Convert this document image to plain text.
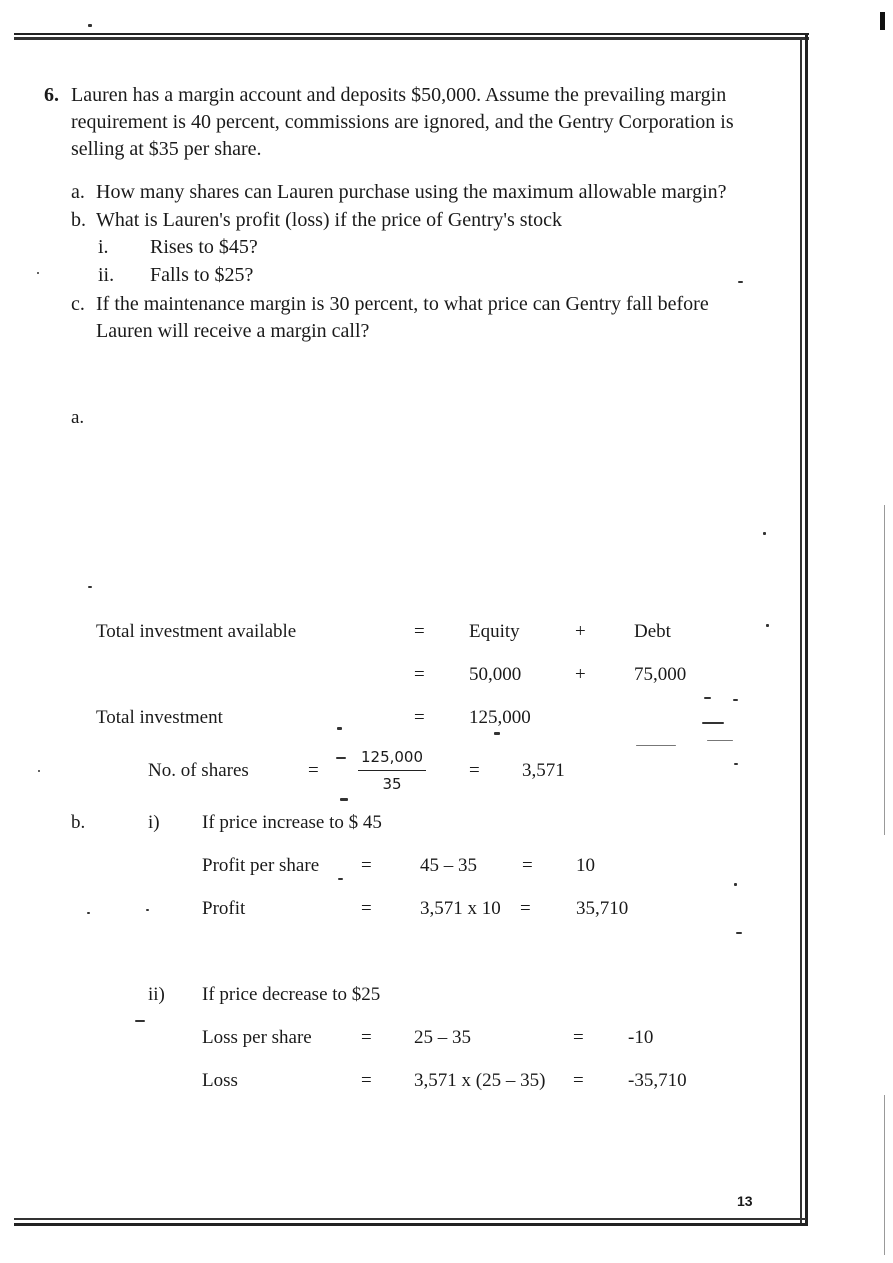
6. Lauren has a margin account and deposits $50,000. Assume the prevailing margin
requirement is 40 percent, commissions are ignored, and the Gentry Corporation is
selling at $35 per share.
a. How many shares can Lauren purchase using the maximum allowable margin?
b. What is Lauren's profit (loss) if the price of Gentry's stock
i. Rises to $45?
ii. Falls to $25?
c. If the maintenance margin is 30 percent, to what price can Gentry fall before
Lauren will receive a margin call?
a.
Total investment available	= Equity	+	Debt
= 50,000	+	75,000
Total investment	= 125,000
No. of shares	=	$\frac{125,000}{35} = 3,571$
b.	i) If price increase to $ 45
Profit per share =	45 – 35 = 10
Profit	=	3,571 x 10 = 35,710
ii) If price decrease to $25
Loss per share	= 25 – 35	= -10
Loss	= 3,571 x (25 – 35) = -35,710
13
